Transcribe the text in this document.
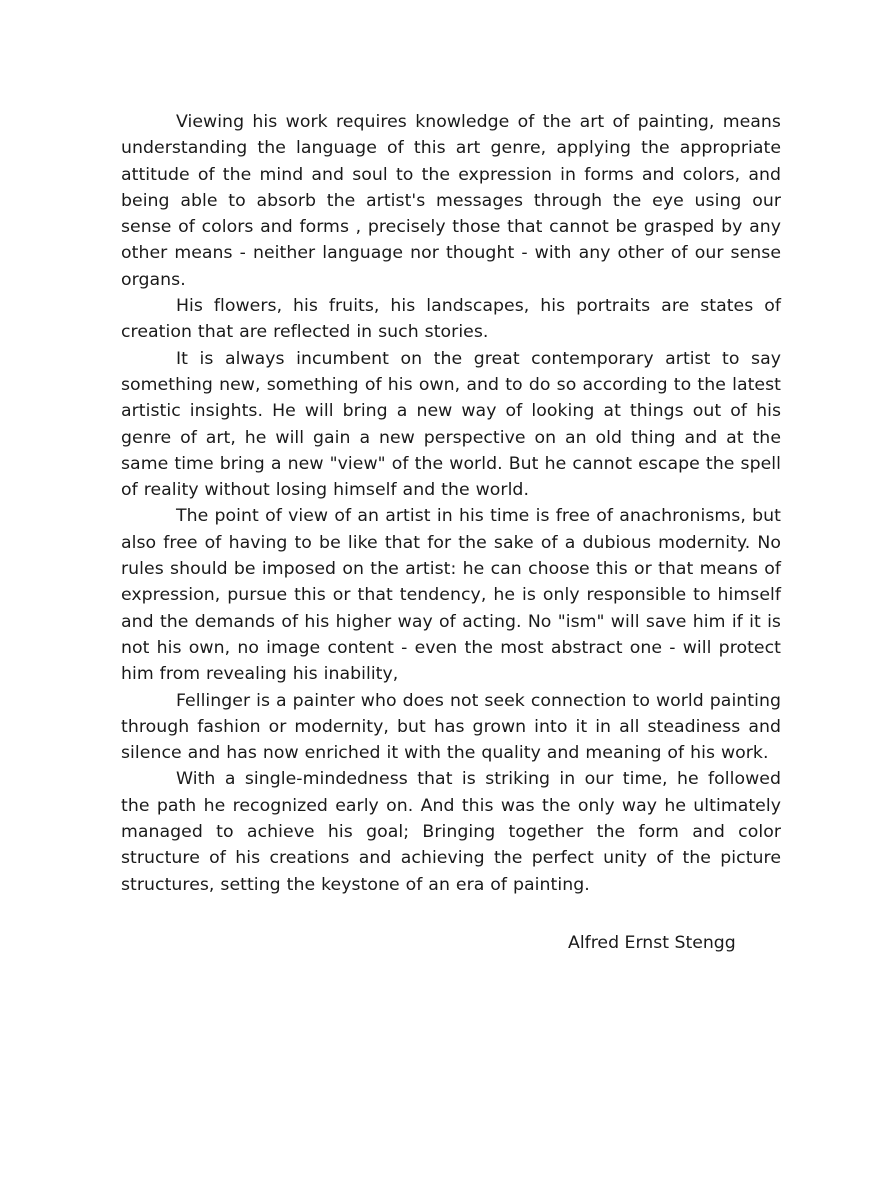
Viewing his work requires knowledge of the art of painting, means understanding the language of this art genre, applying the appropriate attitude of the mind and soul to the expression in forms and colors, and being able to absorb the artist's messages through the eye using our sense of colors and forms , precisely those that cannot be grasped by any other means - neither language nor thought - with any other of our sense organs.

His flowers, his fruits, his landscapes, his portraits are states of creation that are reflected in such stories.

It is always incumbent on the great contemporary artist to say something new, something of his own, and to do so according to the latest artistic insights. He will bring a new way of looking at things out of his genre of art, he will gain a new perspective on an old thing and at the same time bring a new "view" of the world. But he cannot escape the spell of reality without losing himself and the world.

The point of view of an artist in his time is free of anachronisms, but also free of having to be like that for the sake of a dubious modernity. No rules should be imposed on the artist: he can choose this or that means of expression, pursue this or that tendency, he is only responsible to himself and the demands of his higher way of acting. No "ism" will save him if it is not his own, no image content - even the most abstract one - will protect him from revealing his inability,

Fellinger is a painter who does not seek connection to world painting through fashion or modernity, but has grown into it in all steadiness and silence and has now enriched it with the quality and meaning of his work.

With a single-mindedness that is striking in our time, he followed the path he recognized early on. And this was the only way he ultimately managed to achieve his goal; Bringing together the form and color structure of his creations and achieving the perfect unity of the picture structures, setting the keystone of an era of painting.

Alfred Ernst Stengg
